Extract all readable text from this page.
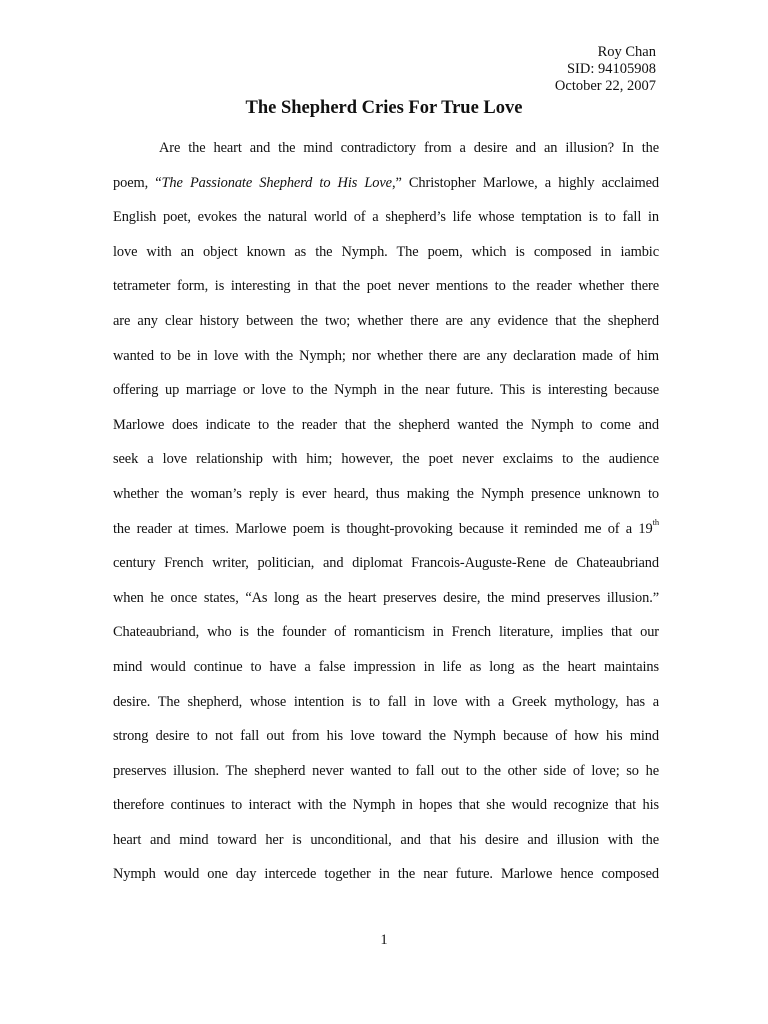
Roy Chan
SID: 94105908
October 22, 2007
The Shepherd Cries For True Love
Are the heart and the mind contradictory from a desire and an illusion? In the
poem, “The Passionate Shepherd to His Love,” Christopher Marlowe, a highly acclaimed
English poet, evokes the natural world of a shepherd’s life whose temptation is to fall in
love with an object known as the Nymph. The poem, which is composed in iambic
tetrameter form, is interesting in that the poet never mentions to the reader whether there
are any clear history between the two; whether there are any evidence that the shepherd
wanted to be in love with the Nymph; nor whether there are any declaration made of him
offering up marriage or love to the Nymph in the near future. This is interesting because
Marlowe does indicate to the reader that the shepherd wanted the Nymph to come and
seek a love relationship with him; however, the poet never exclaims to the audience
whether the woman’s reply is ever heard, thus making the Nymph presence unknown to
the reader at times. Marlowe poem is thought-provoking because it reminded me of a 19th
century French writer, politician, and diplomat Francois-Auguste-Rene de Chateaubriand
when he once states, “As long as the heart preserves desire, the mind preserves illusion.”
Chateaubriand, who is the founder of romanticism in French literature, implies that our
mind would continue to have a false impression in life as long as the heart maintains
desire. The shepherd, whose intention is to fall in love with a Greek mythology, has a
strong desire to not fall out from his love toward the Nymph because of how his mind
preserves illusion. The shepherd never wanted to fall out to the other side of love; so he
therefore continues to interact with the Nymph in hopes that she would recognize that his
heart and mind toward her is unconditional, and that his desire and illusion with the
Nymph would one day intercede together in the near future. Marlowe hence composed
1
